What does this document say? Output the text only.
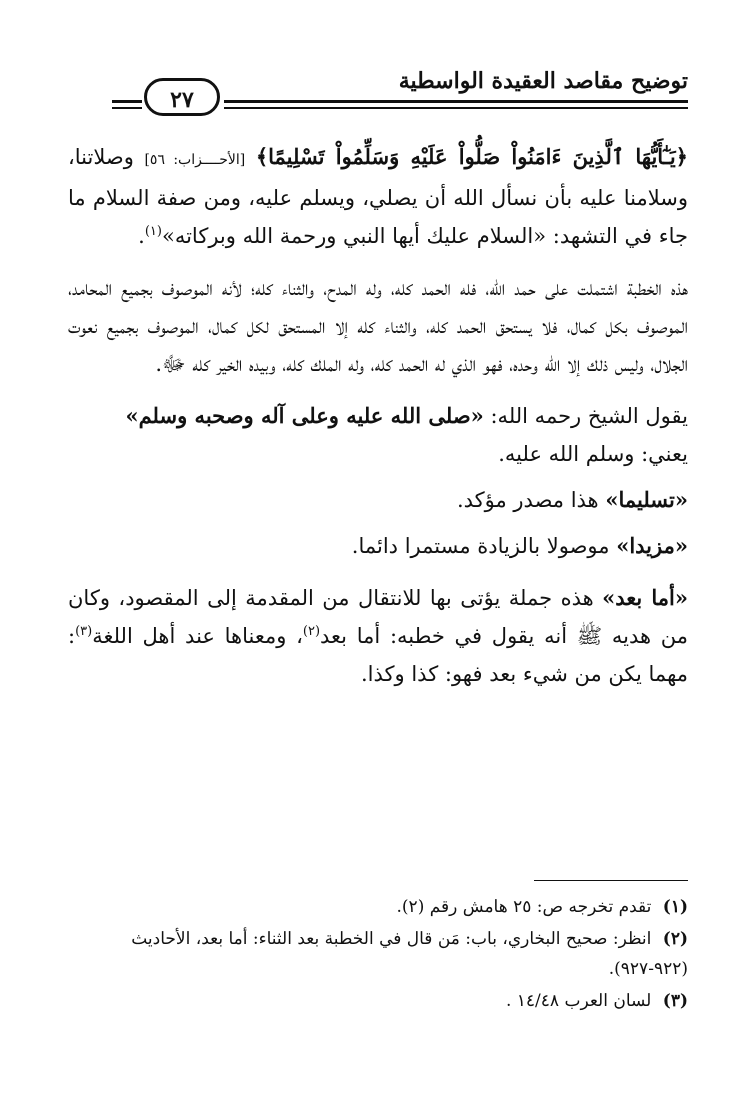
توضيح مقاصد العقيدة الواسطية
٢٧

﴿يَـٰٓأَيُّهَا ٱلَّذِينَ ءَامَنُواْ صَلُّواْ عَلَيْهِ وَسَلِّمُواْ تَسْلِيمًا﴾ [الأحــــزاب: ٥٦] وصلاتنا، وسلامنا عليه بأن نسأل الله أن يصلي، ويسلم عليه، ومن صفة السلام ما جاء في التشهد: «السلام عليك أيها النبي ورحمة الله وبركاته»$^{(١)}$.

هذه الخطبة اشتملت على حمد الله، فله الحمد كله، وله المدح، والثناء كله؛ لأنه الموصوف بجميع المحامد، الموصوف بكل كمال، فلا يستحق الحمد كله، والثناء كله إلا المستحق لكل كمال، الموصوف بجميع نعوت الجلال، وليس ذلك إلا الله وحده، فهو الذي له الحمد كله، وله الملك كله، وبيده الخير كله ﷻ.

يقول الشيخ رحمه الله: «صلى الله عليه وعلى آله وصحبه وسلم»
يعني: وسلم الله عليه.

«تسليما» هذا مصدر مؤكد.

«مزيدا» موصولا بالزيادة مستمرا دائما.

«أما بعد» هذه جملة يؤتى بها للانتقال من المقدمة إلى المقصود، وكان من هديه ﷺ أنه يقول في خطبه: أما بعد$^{(٢)}$، ومعناها عند أهل اللغة$^{(٣)}$: مهما يكن من شيء بعد فهو: كذا وكذا.

(١) تقدم تخرجه ص: ٢٥ هامش رقم (٢).

(٢) انظر: صحيح البخاري، باب: مَن قال في الخطبة بعد الثناء: أما بعد، الأحاديث (٩٢٢-٩٢٧).

(٣) لسان العرب ١٤/٤٨ .
